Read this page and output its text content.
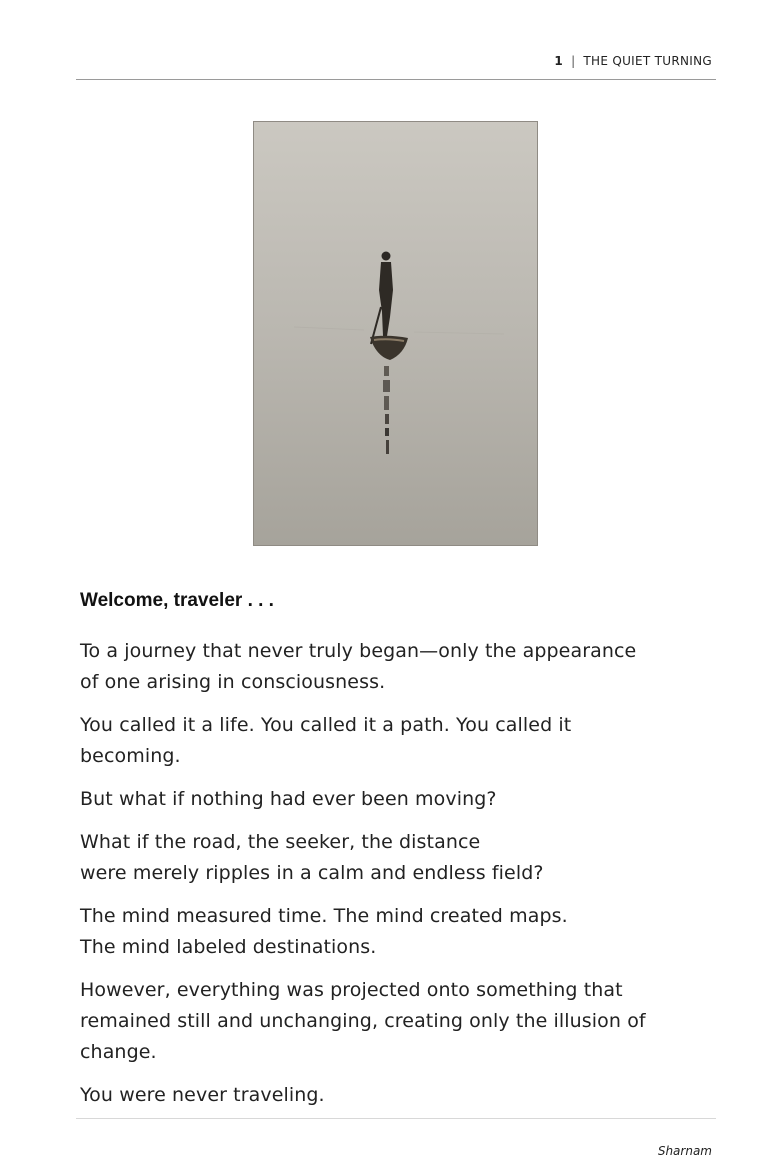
1 | THE QUIET TURNING

Welcome, traveler . . .

To a journey that never truly began—only the appearance
of one arising in consciousness.

You called it a life. You called it a path. You called it
becoming.

But what if nothing had ever been moving?

What if the road, the seeker, the distance
were merely ripples in a calm and endless field?

The mind measured time. The mind created maps.
The mind labeled destinations.

However, everything was projected onto something that
remained still and unchanging, creating only the illusion of
change.

You were never traveling.

Sharnam
